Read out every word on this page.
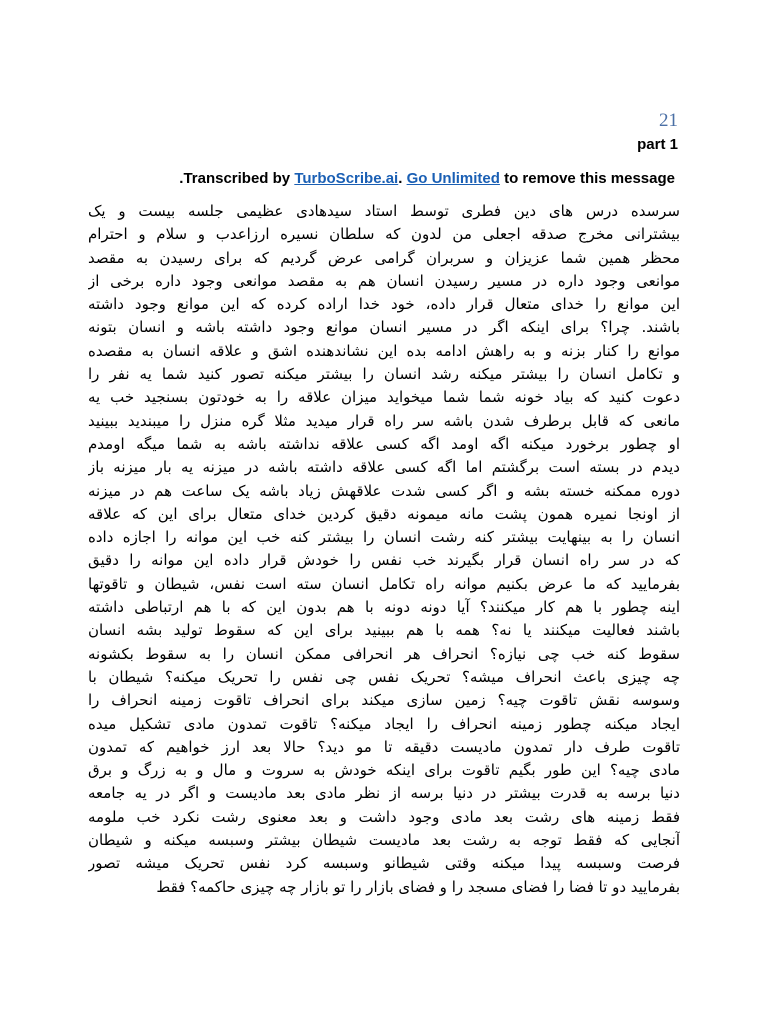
21
part 1
Transcribed by TurboScribe.ai. Go Unlimited to remove this message.
سرسده درس های دین فطری توسط استاد سیدهادی عظیمی جلسه بیست و یک
بیشترانی مخرج صدقه اجعلی من لدون که سلطان نسیره ارزاعدب و سلام و احترام
محظر همین شما عزیزان و سربران گرامی عرض گردیم که برای رسیدن به مقصد
موانعی وجود داره در مسیر رسیدن انسان هم به مقصد موانعی وجود داره برخی از
این موانع را خدای متعال قرار داده، خود خدا اراده کرده که این موانع وجود داشته
باشند. چرا؟ برای اینکه اگر در مسیر انسان موانع وجود داشته باشه و انسان بتونه
موانع را کنار بزنه و به راهش ادامه بده این نشاندهنده اشق و علاقه انسان به مقصده
و تکامل انسان را بیشتر میکنه رشد انسان را بیشتر میکنه تصور کنید شما یه نفر را
دعوت کنید که بیاد خونه شما شما میخواید میزان علاقه را به خودتون بسنجید خب یه
مانعی که قابل برطرف شدن باشه سر راه قرار میدید مثلا گره منزل را میبندید ببینید
او چطور برخورد میکنه اگه اومد اگه کسی علاقه نداشته باشه به شما میگه اومدم
دیدم در بسته است برگشتم اما اگه کسی علاقه داشته باشه در میزنه یه بار میزنه باز
دوره ممکنه خسته بشه و اگر کسی شدت علاقهش زیاد باشه یک ساعت هم در میزنه
از اونجا نمیره همون پشت مانه میمونه دقیق کردین خدای متعال برای این که علاقه
انسان را به بینهایت بیشتر کنه رشت انسان را بیشتر کنه خب این موانه را اجازه داده
که در سر راه انسان قرار بگیرند خب نفس را خودش قرار داده این موانه را دقیق
بفرمایید که ما عرض بکنیم موانه راه تکامل انسان سته است نفس، شیطان و تاقوتها
اینه چطور با هم کار میکنند؟ آیا دونه دونه با هم بدون این که با هم ارتباطی داشته
باشند فعالیت میکنند یا نه؟ همه با هم ببینید برای این که سقوط تولید بشه انسان
سقوط کنه خب چی نیازه؟ انحراف هر انحرافی ممکن انسان را به سقوط بکشونه
چه چیزی باعث انحراف میشه؟ تحریک نفس چی نفس را تحریک میکنه؟ شیطان با
وسوسه نقش تاقوت چیه؟ زمین سازی میکند برای انحراف تاقوت زمینه انحراف را
ایجاد میکنه چطور زمینه انحراف را ایجاد میکنه؟ تاقوت تمدون مادی تشکیل میده
تاقوت طرف دار تمدون مادیست دقیقه تا مو دید؟ حالا بعد ارز خواهیم که تمدون
مادی چیه؟ این طور بگیم تاقوت برای اینکه خودش به سروت و مال و به زرگ و برق
دنیا برسه به قدرت بیشتر در دنیا برسه از نظر مادی بعد مادیست و اگر در یه جامعه
فقط زمینه های رشت بعد مادی وجود داشت و بعد معنوی رشت نکرد خب ملومه
آنجایی که فقط توجه به رشت بعد مادیست شیطان بیشتر وسبسه میکنه و شیطان
فرصت وسبسه پیدا میکنه وقتی شیطانو وسبسه کرد نفس تحریک میشه تصور
بفرمایید دو تا فضا را فضای مسجد را و فضای بازار را تو بازار چه چیزی حاکمه؟ فقط
